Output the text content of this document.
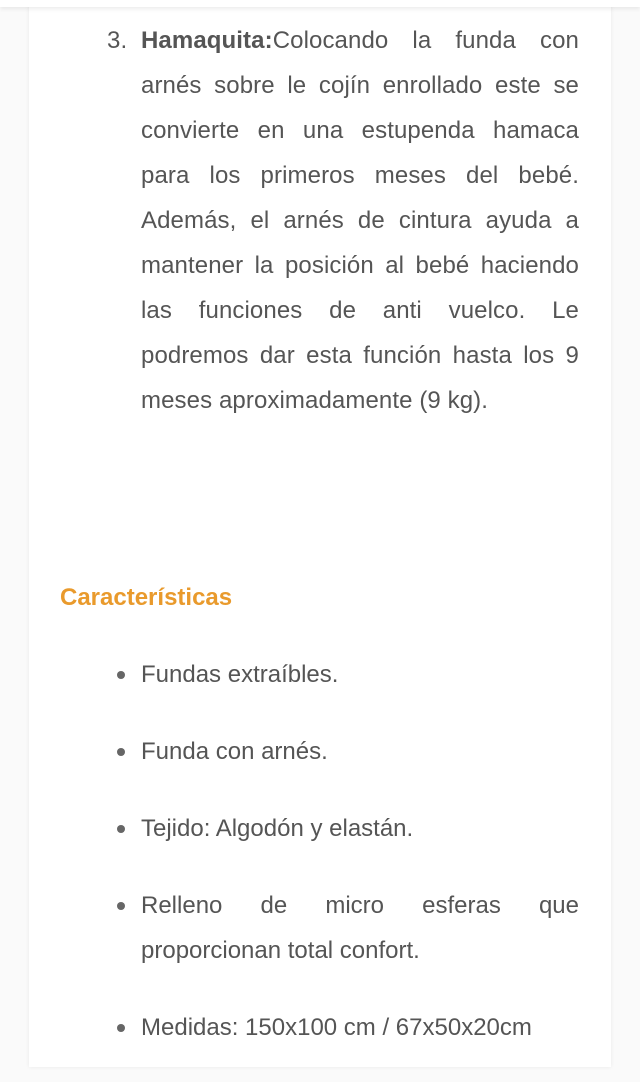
3. Hamaquita:Colocando la funda con arnés sobre le cojín enrollado este se convierte en una estupenda hamaca para los primeros meses del bebé. Además, el arnés de cintura ayuda a mantener la posición al bebé haciendo las funciones de anti vuelco. Le podremos dar esta función hasta los 9 meses aproximadamente (9 kg).
Características
Fundas extraíbles.
Funda con arnés.
Tejido: Algodón y elastán.
Relleno de micro esferas que proporcionan total confort.
Medidas: 150x100 cm / 67x50x20cm
